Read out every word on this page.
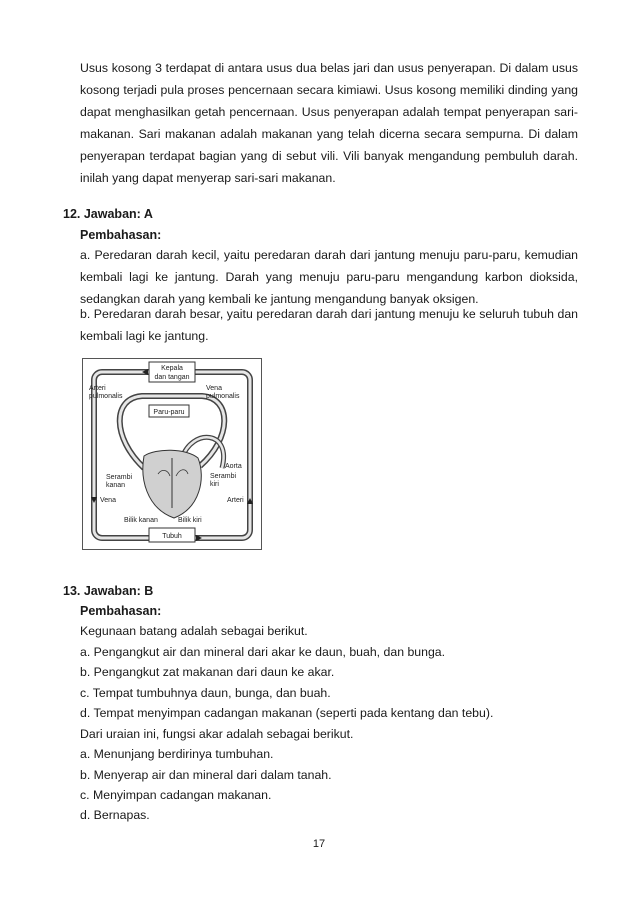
Usus kosong 3 terdapat di antara usus dua belas jari dan usus penyerapan. Di dalam usus
kosong terjadi pula proses pencernaan secara kimiawi. Usus kosong memiliki dinding yang
dapat menghasilkan getah pencernaan. Usus penyerapan adalah tempat penyerapan sari-
makanan. Sari makanan adalah makanan yang telah dicerna secara sempurna. Di dalam
penyerapan terdapat bagian yang di sebut vili. Vili banyak mengandung pembuluh darah.
inilah yang dapat menyerap sari-sari makanan.
12. Jawaban: A
Pembahasan:
a. Peredaran darah kecil, yaitu peredaran darah dari jantung menuju paru-paru, kemudian
kembali lagi ke jantung. Darah yang menuju paru-paru mengandung karbon dioksida,
sedangkan darah yang kembali ke jantung mengandung banyak oksigen.
b. Peredaran darah besar, yaitu peredaran darah dari jantung menuju ke seluruh tubuh dan
kembali lagi ke jantung.
Kepala
dan tangan
Tubuh
Paru-paru
Arteri
pulmonalis
Vena
pulmonalis
Aorta
Serambi
kiri
Serambi
kanan
Vena	Arteri
Bilik kanan	Bilik kiri
13. Jawaban: B
Pembahasan:
Kegunaan batang adalah sebagai berikut.
a. Pengangkut air dan mineral dari akar ke daun, buah, dan bunga.
b. Pengangkut zat makanan dari daun ke akar.
c. Tempat tumbuhnya daun, bunga, dan buah.
d. Tempat menyimpan cadangan makanan (seperti pada kentang dan tebu).
Dari uraian ini, fungsi akar adalah sebagai berikut.
a. Menunjang berdirinya tumbuhan.
b. Menyerap air dan mineral dari dalam tanah.
c. Menyimpan cadangan makanan.
d. Bernapas.
17
